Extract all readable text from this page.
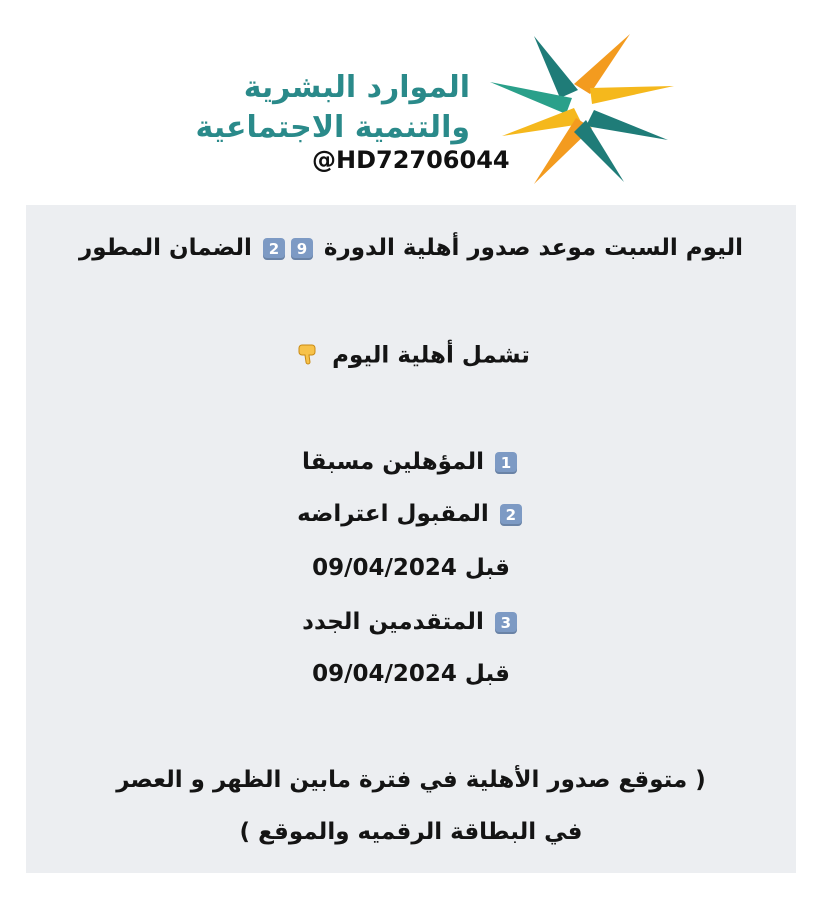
الموارد البشرية
والتنمية الاجتماعية
@HD72706044
اليوم السبت موعد صدور أهلية الدورة 2 9 الضمان المطور
تشمل أهلية اليوم
1 المؤهلين مسبقا
2 المقبول اعتراضه
قبل 09/04/2024
3 المتقدمين الجدد
قبل 09/04/2024
( متوقع صدور الأهلية في فترة مابين الظهر و العصر
في البطاقة الرقميه والموقع )
